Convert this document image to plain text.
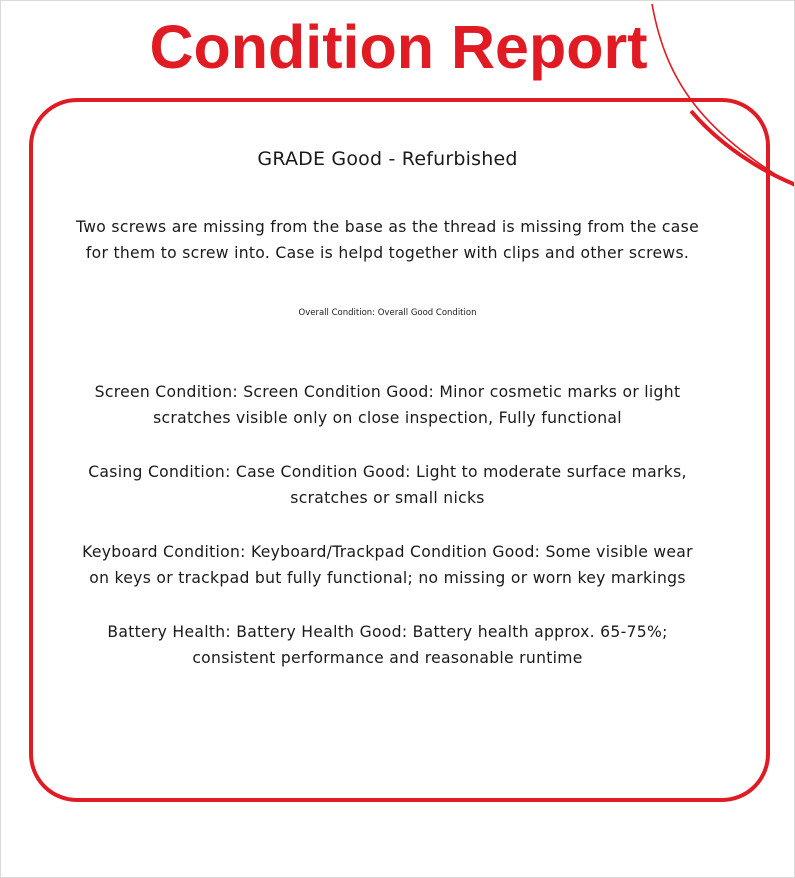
Condition Report
GRADE Good - Refurbished
Two screws are missing from the base as the thread is missing from the case
for them to screw into. Case is helpd together with clips and other screws.
Overall Condition: Overall Good Condition
Screen Condition: Screen Condition Good: Minor cosmetic marks or light
scratches visible only on close inspection, Fully functional
Casing Condition: Case Condition Good: Light to moderate surface marks,
scratches or small nicks
Keyboard Condition: Keyboard/Trackpad Condition Good: Some visible wear
on keys or trackpad but fully functional; no missing or worn key markings
Battery Health: Battery Health Good: Battery health approx. 65-75%;
consistent performance and reasonable runtime
